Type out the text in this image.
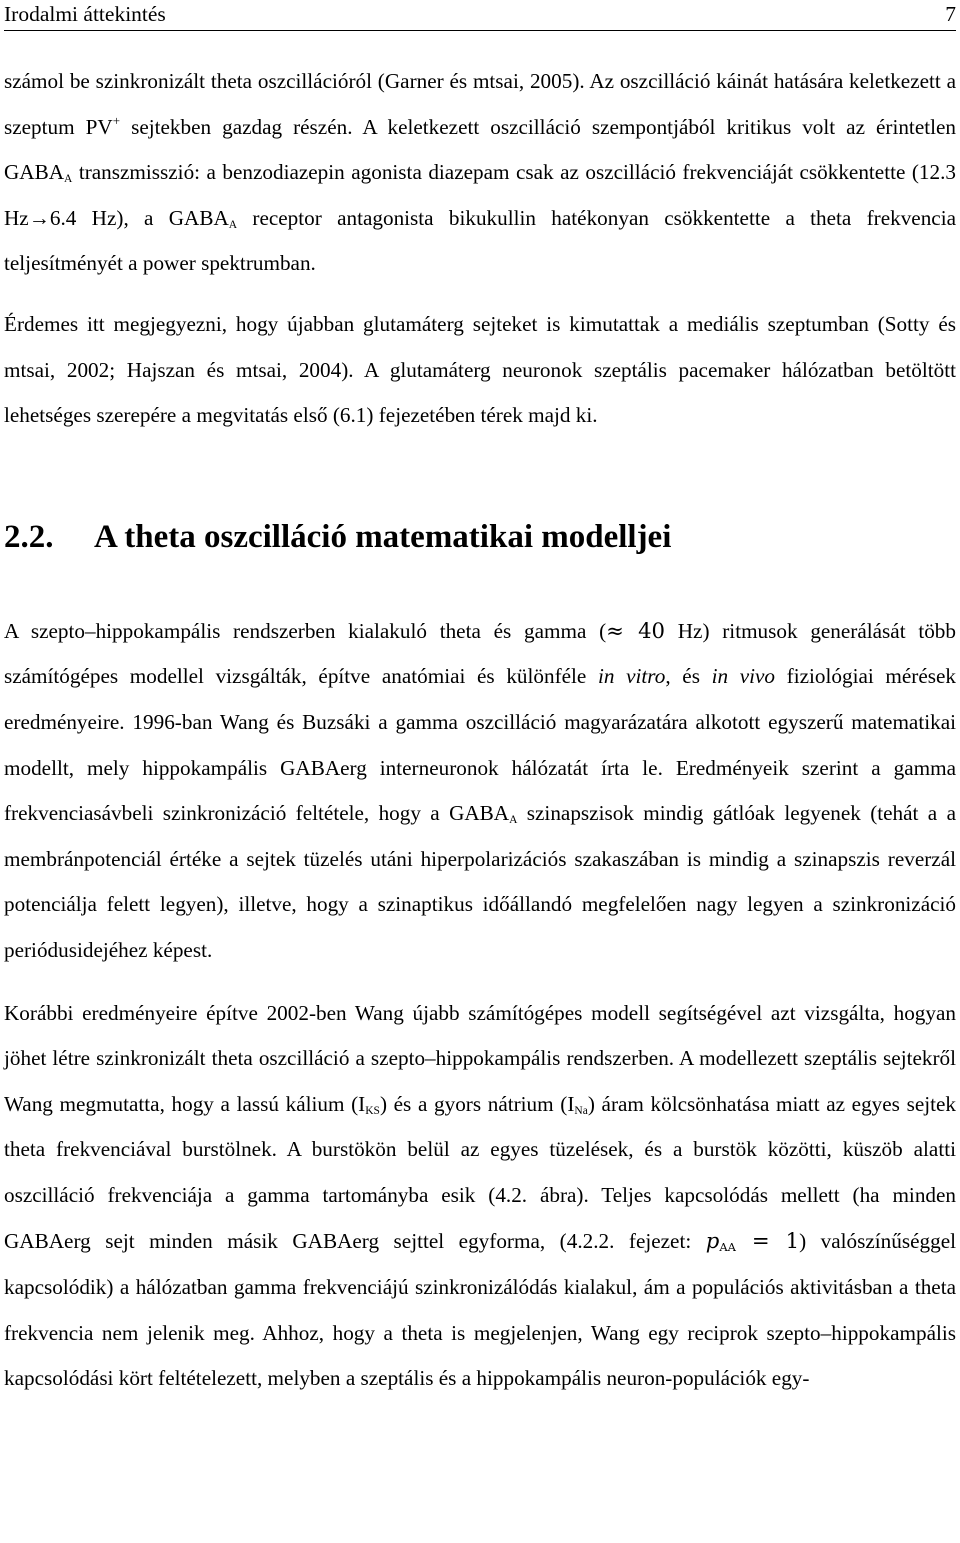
Irodalmi áttekintés	7

számol be szinkronizált theta oszcillációról (Garner és mtsai, 2005). Az oszcilláció káinát hatására keletkezett a szeptum PV+ sejtekben gazdag részén. A keletkezett oszcilláció szempontjából kritikus volt az érintetlen $GABA_A$ transzmisszió: a benzodiazepin agonista diazepam csak az oszcilláció frekvenciáját csökkentette (12.3 Hz→6.4 Hz), a $GABA_A$ receptor antagonista bikukullin hatékonyan csökkentette a theta frekvencia teljesítményét a power spektrumban.

Érdemes itt megjegyezni, hogy újabban glutamáterg sejteket is kimutattak a mediális szeptumban (Sotty és mtsai, 2002; Hajszan és mtsai, 2004). A glutamáterg neuronok szeptális pacemaker hálózatban betöltött lehetséges szerepére a megvitatás első (6.1) fejezetében térek majd ki.

2.2. A theta oszcilláció matematikai modelljei

A szepto–hippokampális rendszerben kialakuló theta és gamma (≈ 40 Hz) ritmusok generálását több számítógépes modellel vizsgálták, építve anatómiai és különféle in vitro, és in vivo fiziológiai mérések eredményeire. 1996-ban Wang és Buzsáki a gamma oszcilláció magyarázatára alkotott egyszerű matematikai modellt, mely hippokampális GABAerg interneuronok hálózatát írta le. Eredményeik szerint a gamma frekvenciasávbeli szinkronizáció feltétele, hogy a $GABA_A$ szinapszisok mindig gátlóak legyenek (tehát a a membránpotenciál értéke a sejtek tüzelés utáni hiperpolarizációs szakaszában is mindig a szinapszis reverzál potenciálja felett legyen), illetve, hogy a szinaptikus időállandó megfelelően nagy legyen a szinkronizáció periódusidejéhez képest.

Korábbi eredményeire építve 2002-ben Wang újabb számítógépes modell segítségével azt vizsgálta, hogyan jöhet létre szinkronizált theta oszcilláció a szepto–hippokampális rendszerben. A modellezett szeptális sejtekről Wang megmutatta, hogy a lassú kálium $(I_{KS})$ és a gyors nátrium $(I_{Na})$ áram kölcsönhatása miatt az egyes sejtek theta frekvenciával burstölnek. A burstökön belül az egyes tüzelések, és a burstök közötti, küszöb alatti oszcilláció frekvenciája a gamma tartományba esik (4.2. ábra). Teljes kapcsolódás mellett (ha minden GABAerg sejt minden másik GABAerg sejttel egyforma, (4.2.2. fejezet: $p_{AA} = 1$) valószínűséggel kapcsolódik) a hálózatban gamma frekvenciájú szinkronizálódás kialakul, ám a populációs aktivitásban a theta frekvencia nem jelenik meg. Ahhoz, hogy a theta is megjelenjen, Wang egy reciprok szepto–hippokampális kapcsolódási kört feltételezett, melyben a szeptális és a hippokampális neuron-populációk egy-
